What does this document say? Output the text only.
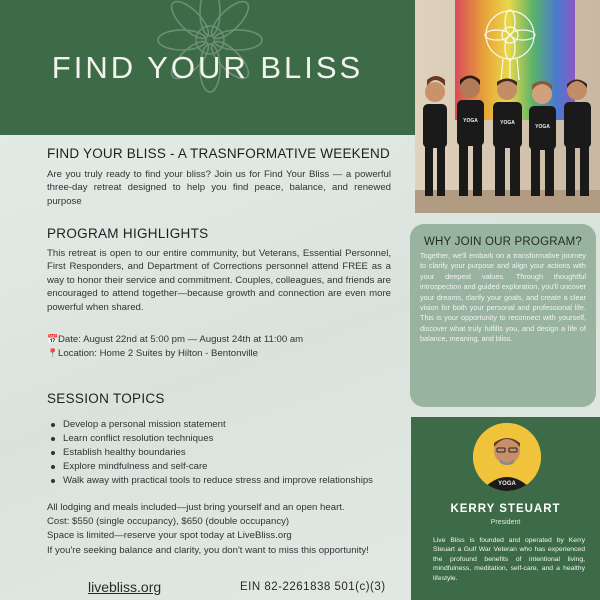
FIND YOUR BLISS
YOGA	YOGA
YOGA
FIND YOUR BLISS - A TRASNFORMATIVE WEEKEND
Are you truly ready to find your bliss? Join us for Find Your Bliss — a powerful three-day retreat designed to help you find peace, balance, and renewed purpose
PROGRAM HIGHLIGHTS
This retreat is open to our entire community, but Veterans, Essential Personnel, First Responders, and Department of Corrections personnel attend FREE as a way to honor their service and commitment. Couples, colleagues, and friends are encouraged to attend together—because growth and connection are even more powerful when shared.
📅Date: August 22nd at 5:00 pm — August 24th at 11:00 am
📍Location: Home 2 Suites by Hilton - Bentonville
SESSION TOPICS
Develop a personal mission statement
Learn conflict resolution techniques
Establish healthy boundaries
Explore mindfulness and self-care
Walk away with practical tools to reduce stress and improve relationships
All lodging and meals included—just bring yourself and an open heart.
Cost: $550 (single occupancy), $650 (double occupancy)
Space is limited—reserve your spot today at LiveBliss.org
If you're seeking balance and clarity, you don't want to miss this opportunity!
livebliss.org	EIN 82-2261838 501(c)(3)
WHY JOIN OUR PROGRAM?
Together, we'll embark on a transformative journey to clarify your purpose and align your actions with your deepest values. Through thoughtful introspection and guided exploration, you'll uncover your dreams, clarify your goals, and create a clear vision for both your personal and professional life. This is your opportunity to reconnect with yourself, discover what truly fulfills you, and design a life of balance, meaning, and bliss.
YOGA
KERRY STEUART
President
Live Bliss is founded and operated by Kerry Steuart a Gulf War Veteran who has experienced the profound benefits of intentional living, mindfulness, meditation, self-care, and a healthy lifestyle.
